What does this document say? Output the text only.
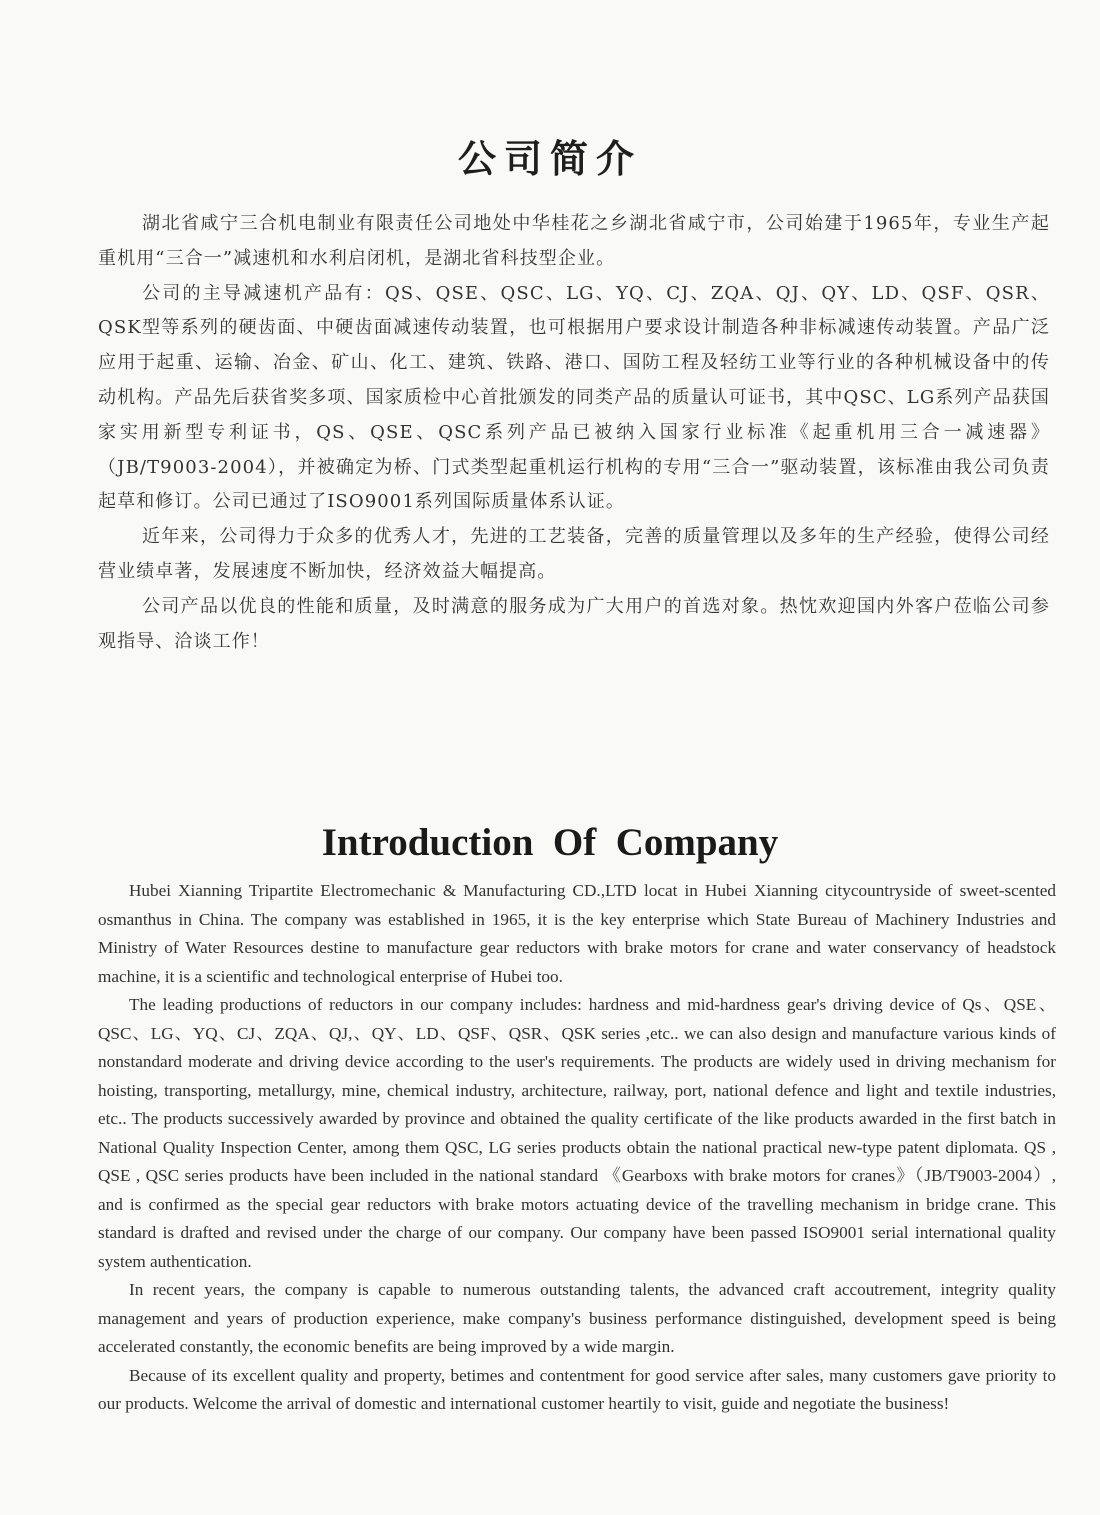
公司简介

湖北省咸宁三合机电制业有限责任公司地处中华桂花之乡湖北省咸宁市，公司始建于1965年，专业生产起重机用“三合一”减速机和水利启闭机，是湖北省科技型企业。

公司的主导减速机产品有：QS、QSE、QSC、LG、YQ、CJ、ZQA、QJ、QY、LD、QSF、QSR、QSK型等系列的硬齿面、中硬齿面减速传动装置，也可根据用户要求设计制造各种非标减速传动装置。产品广泛应用于起重、运输、冶金、矿山、化工、建筑、铁路、港口、国防工程及轻纺工业等行业的各种机械设备中的传动机构。产品先后获省奖多项、国家质检中心首批颁发的同类产品的质量认可证书，其中QSC、LG系列产品获国家实用新型专利证书，QS、QSE、QSC系列产品已被纳入国家行业标准《起重机用三合一减速器》（JB/T9003-2004），并被确定为桥、门式类型起重机运行机构的专用“三合一”驱动装置，该标准由我公司负责起草和修订。公司已通过了ISO9001系列国际质量体系认证。

近年来，公司得力于众多的优秀人才，先进的工艺装备，完善的质量管理以及多年的生产经验，使得公司经营业绩卓著，发展速度不断加快，经济效益大幅提高。

公司产品以优良的性能和质量，及时满意的服务成为广大用户的首选对象。热忱欢迎国内外客户莅临公司参观指导、洽谈工作！

Introduction  Of  Company

Hubei Xianning Tripartite Electromechanic & Manufacturing CD.,LTD locat in Hubei Xianning citycountryside of sweet-scented osmanthus in China. The company was established in 1965, it is the key enterprise which State Bureau of Machinery Industries and Ministry of Water Resources destine to manufacture gear reductors with brake motors for crane and water conservancy of headstock machine, it is a scientific and technological enterprise of Hubei too.

The leading productions of reductors in our company includes: hardness and mid-hardness gear's driving device of Qs、QSE、QSC、LG、YQ、CJ、ZQA、QJ,、QY、LD、QSF、QSR、QSK series ,etc.. we can also design and manufacture various kinds of nonstandard moderate and driving device according to the user's requirements. The products are widely used in driving mechanism for hoisting, transporting, metallurgy, mine, chemical industry, architecture, railway, port, national defence and light and textile industries, etc.. The products successively awarded by province and obtained the quality certificate of the like products awarded in the first batch in National Quality Inspection Center, among them QSC, LG series products obtain the national practical new-type patent diplomata. QS , QSE , QSC series products have been included in the national standard 《Gearboxs with brake motors for cranes》（JB/T9003-2004）, and is confirmed as the special gear reductors with brake motors actuating device of the travelling mechanism in bridge crane. This standard is drafted and revised under the charge of our company. Our company have been passed ISO9001 serial international quality system authentication.

In recent years, the company is capable to numerous outstanding talents, the advanced craft accoutrement, integrity quality management and years of production experience, make company's business performance distinguished, development speed is being accelerated constantly, the economic benefits are being improved by a wide margin.

Because of its excellent quality and property, betimes and contentment for good service after sales, many customers gave priority to our products. Welcome the arrival of domestic and international customer heartily to visit, guide and negotiate the business!
